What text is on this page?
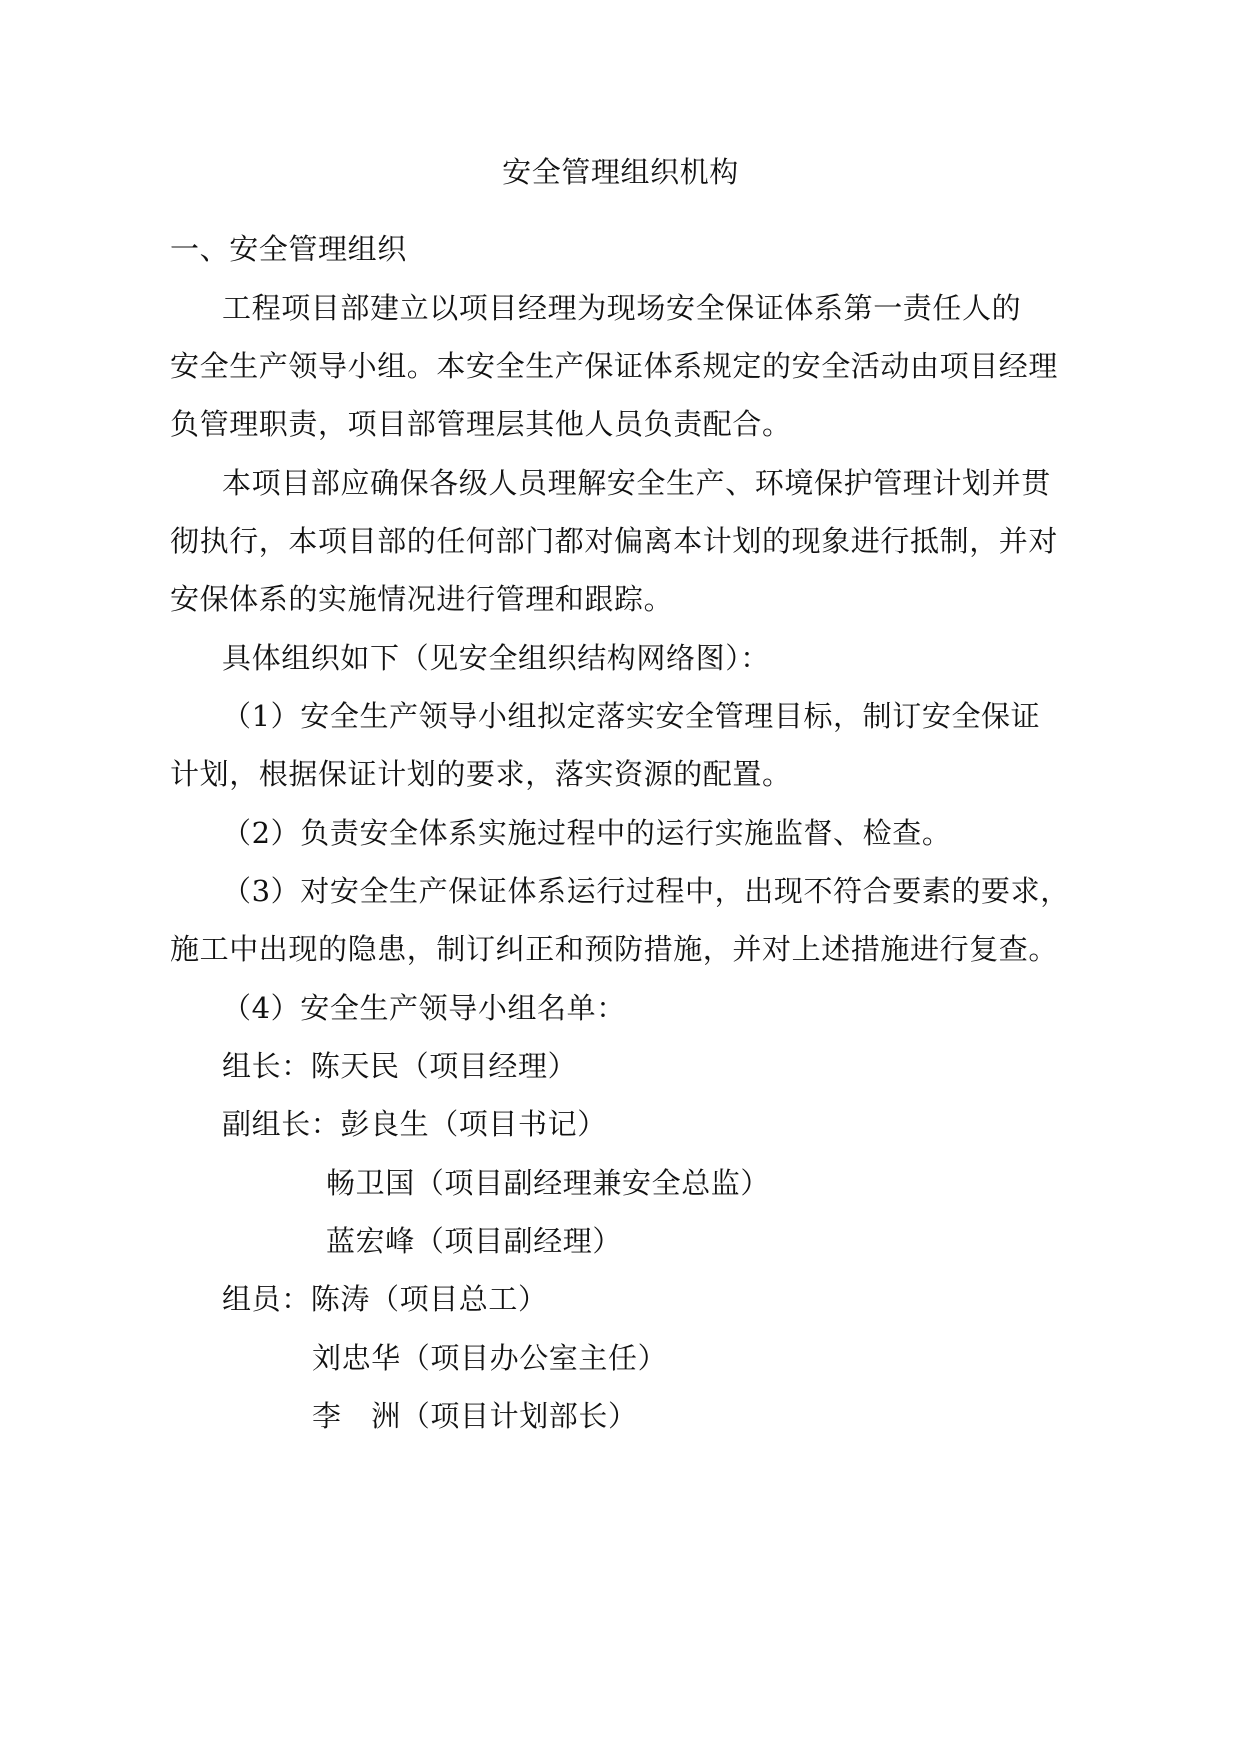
安全管理组织机构
一、安全管理组织
工程项目部建立以项目经理为现场安全保证体系第一责任人的
安全生产领导小组。本安全生产保证体系规定的安全活动由项目经理
负管理职责，项目部管理层其他人员负责配合。
本项目部应确保各级人员理解安全生产、环境保护管理计划并贯
彻执行，本项目部的任何部门都对偏离本计划的现象进行抵制，并对
安保体系的实施情况进行管理和跟踪。
具体组织如下（见安全组织结构网络图）：
（1）安全生产领导小组拟定落实安全管理目标，制订安全保证
计划，根据保证计划的要求，落实资源的配置。
（2）负责安全体系实施过程中的运行实施监督、检查。
（3）对安全生产保证体系运行过程中，出现不符合要素的要求，
施工中出现的隐患，制订纠正和预防措施，并对上述措施进行复查。
（4）安全生产领导小组名单：
组长：陈天民（项目经理）
副组长：彭良生（项目书记）
畅卫国（项目副经理兼安全总监）
蓝宏峰（项目副经理）
组员：陈涛（项目总工）
刘忠华（项目办公室主任）
李　洲（项目计划部长）
